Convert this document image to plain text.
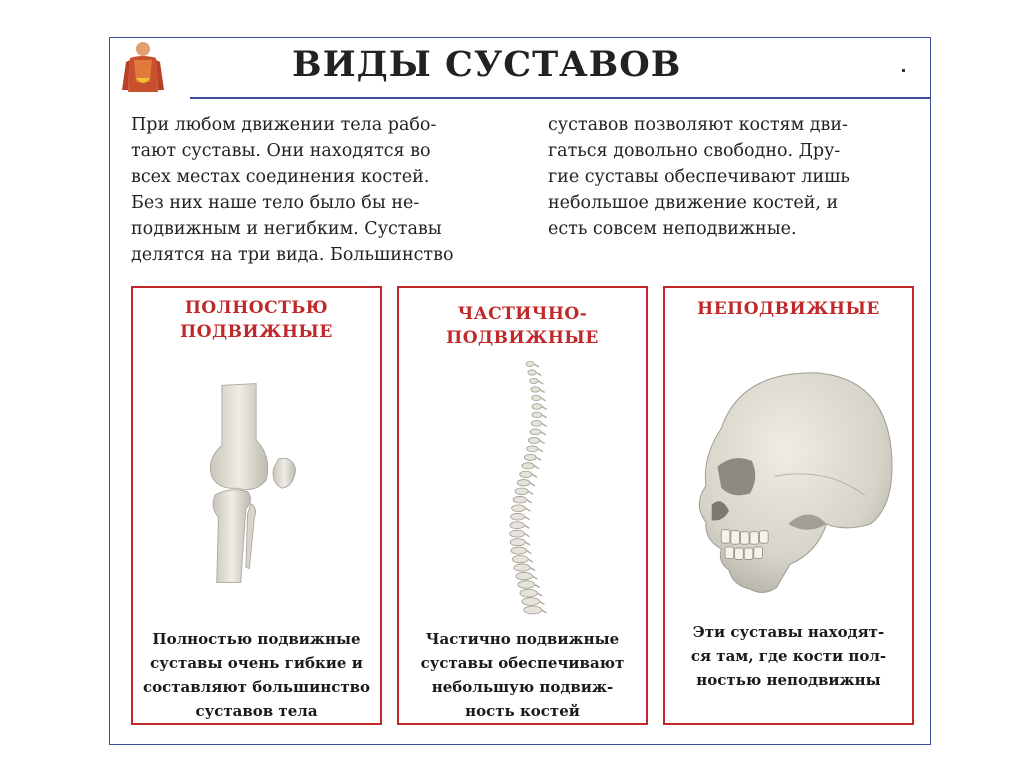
ВИДЫ СУСТАВОВ
При любом движении тела рабо-
тают суставы. Они находятся во
всех местах соединения костей.
Без них наше тело было бы не-
подвижным и негибким. Суставы
делятся на три вида. Большинство
суставов позволяют костям дви-
гаться довольно свободно. Дру-
гие суставы обеспечивают лишь
небольшое движение костей, и
есть совсем неподвижные.
ПОЛНОСТЬЮ
ПОДВИЖНЫЕ
Полностью подвижные
суставы очень гибкие и
составляют большинство
суставов тела
ЧАСТИЧНО-
ПОДВИЖНЫЕ
Частично подвижные
суставы обеспечивают
небольшую подвиж-
ность костей
НЕПОДВИЖНЫЕ
Эти суставы находят-
ся там, где кости пол-
ностью неподвижны
